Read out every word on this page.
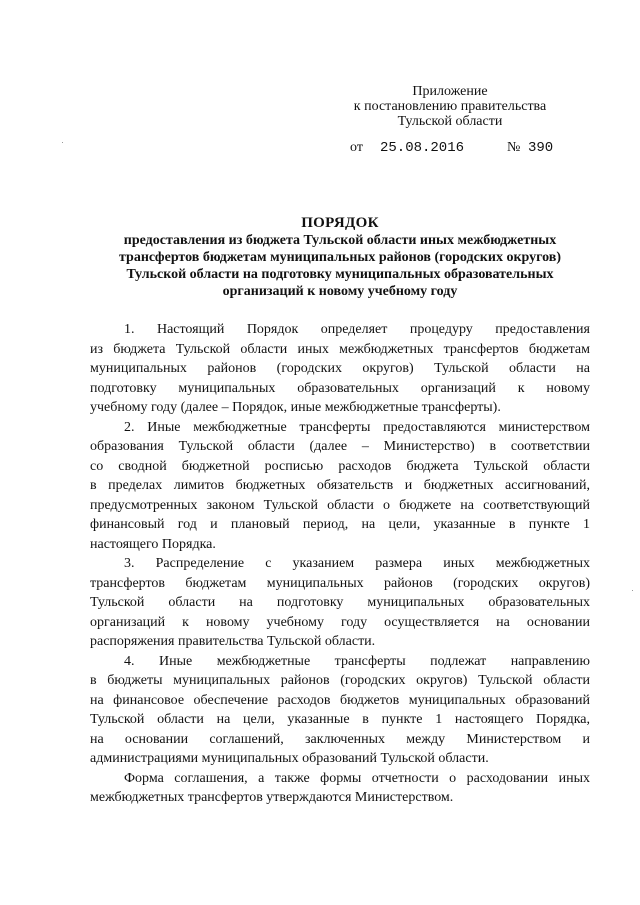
Приложение
к постановлению правительства
Тульской области
от 25.08.2016	№ 390
ПОРЯДОК
предоставления из бюджета Тульской области иных межбюджетных
трансфертов бюджетам муниципальных районов (городских округов)
Тульской области на подготовку муниципальных образовательных
организаций к новому учебному году
1. Настоящий Порядок определяет процедуру предоставления
из бюджета Тульской области иных межбюджетных трансфертов бюджетам
муниципальных районов (городских округов) Тульской области на
подготовку муниципальных образовательных организаций к новому
учебному году (далее – Порядок, иные межбюджетные трансферты).
2. Иные межбюджетные трансферты предоставляются министерством
образования Тульской области (далее – Министерство) в соответствии
со сводной бюджетной росписью расходов бюджета Тульской области
в пределах лимитов бюджетных обязательств и бюджетных ассигнований,
предусмотренных законом Тульской области о бюджете на соответствующий
финансовый год и плановый период, на цели, указанные в пункте 1
настоящего Порядка.
3. Распределение с указанием размера иных межбюджетных
трансфертов бюджетам муниципальных районов (городских округов)
Тульской области на подготовку муниципальных образовательных
организаций к новому учебному году осуществляется на основании
распоряжения правительства Тульской области.
4. Иные межбюджетные трансферты подлежат направлению
в бюджеты муниципальных районов (городских округов) Тульской области
на финансовое обеспечение расходов бюджетов муниципальных образований
Тульской области на цели, указанные в пункте 1 настоящего Порядка,
на основании соглашений, заключенных между Министерством и
администрациями муниципальных образований Тульской области.
Форма соглашения, а также формы отчетности о расходовании иных
межбюджетных трансфертов утверждаются Министерством.
